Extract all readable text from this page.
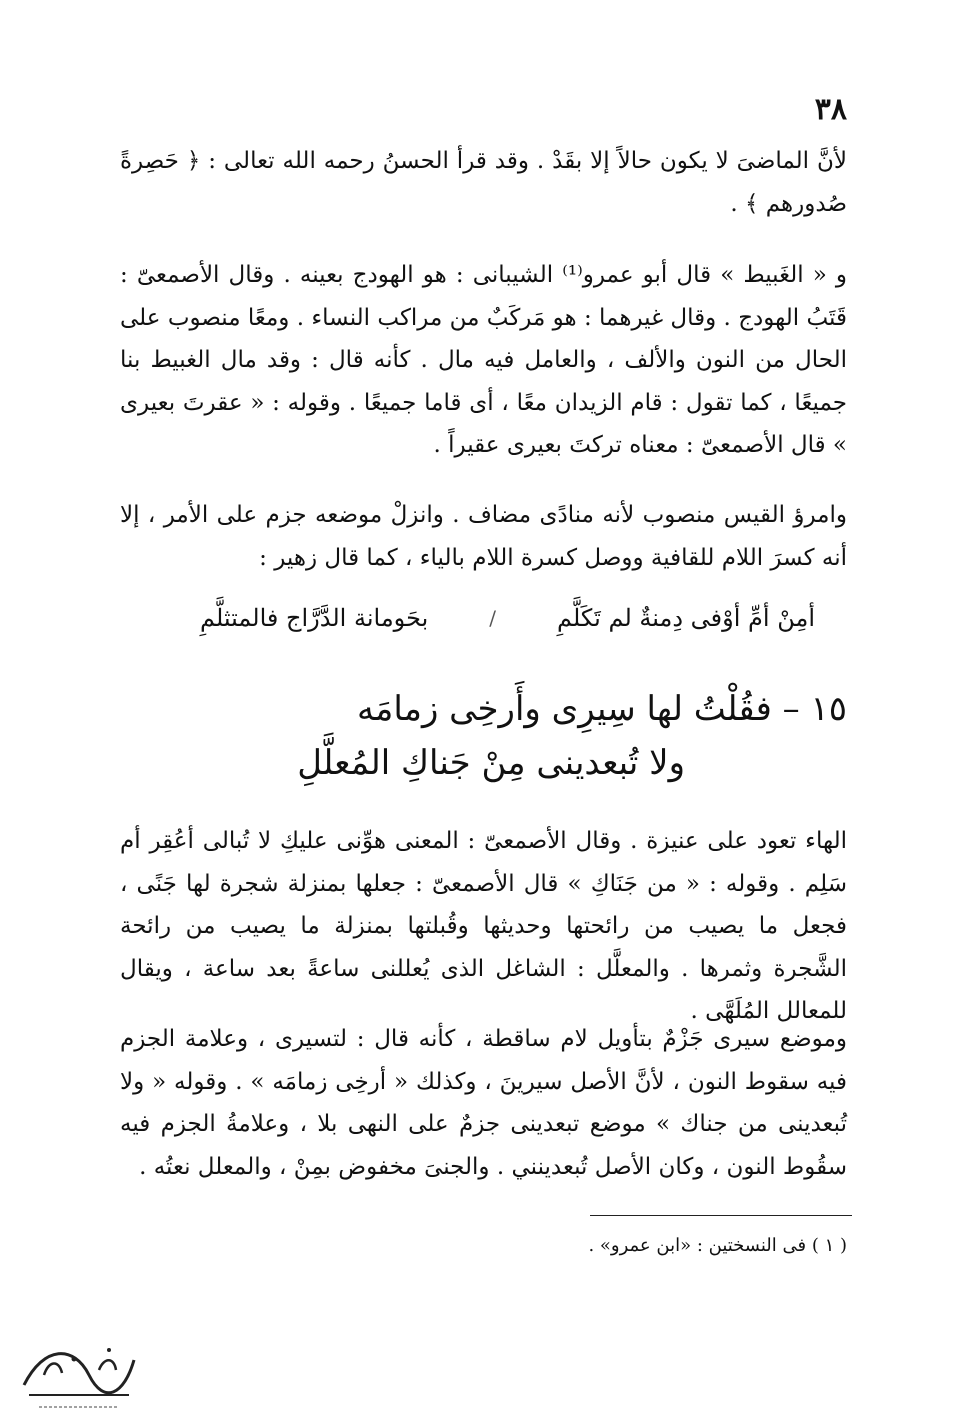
٣٨
لأنَّ الماضىَ لا يكون حالاً إلا بقَدْ . وقد قرأ الحسنُ رحمه الله تعالى : ﴿ حَصِرةً صُدورهم ﴾ .
و « الغَبيط » قال أبو عمرو⁽¹⁾ الشيبانى : هو الهودج بعينه . وقال الأصمعىّ : قَتَبُ الهودج . وقال غيرهما : هو مَركَبٌ من مراكب النساء . ومعًا منصوب على الحال من النون والألف ، والعامل فيه مال . كأنه قال : وقد مال الغبيط بنا جميعًا ، كما تقول : قام الزيدان معًا ، أى قاما جميعًا . وقوله : « عقرتَ بعيرى » قال الأصمعىّ : معناه تركتَ بعيرى عقيراً .
وامرؤ القيس منصوب لأنه منادًى مضاف . وانزلْ موضعه جزم على الأمر ، إلا أنه كسرَ اللام للقافية ووصل كسرة اللام بالياء ، كما قال زهير :
أمِنْ أمِّ أوْفى دِمنةٌ لم تَكَلَّمِ
/
بحَومانة الدَّرَّاج فالمتثلَّمِ
١٥ – فقُلْتُ لها سِيرِى وأَرخِى زمامَه
ولا تُبعدينى مِنْ جَناكِ المُعلَّلِ
الهاء تعود على عنيزة . وقال الأصمعىّ : المعنى هوِّنى عليكِ لا تُبالى أعُقِر أم سَلِم . وقوله : « من جَنَاكِ » قال الأصمعىّ : جعلها بمنزلة شجرة لها جَنًى ، فجعل ما يصيب من رائحتها وحديثها وقُبلتها بمنزلة ما يصيب من رائحة الشَّجرة وثمرها . والمعلَّل : الشاغل الذى يُعللنى ساعةً بعد ساعة ، ويقال للمعالل المُلَهَّى .
وموضع سيرى جَزْمٌ بتأويل لام ساقطة ، كأنه قال : لتسيرى ، وعلامة الجزم فيه سقوط النون ، لأنَّ الأصل سيرينَ ، وكذلك « أرخِى زمامَه » . وقوله « ولا تُبعدينى من جناك » موضع تبعدينى جزمٌ على النهى بلا ، وعلامةُ الجزم فيه سقُوط النون ، وكان الأصل تُبعدينني . والجنىَ مخفوض بمِنْ ، والمعلل نعتُه .
( ١ ) فى النسختين : «ابن عمرو» .
